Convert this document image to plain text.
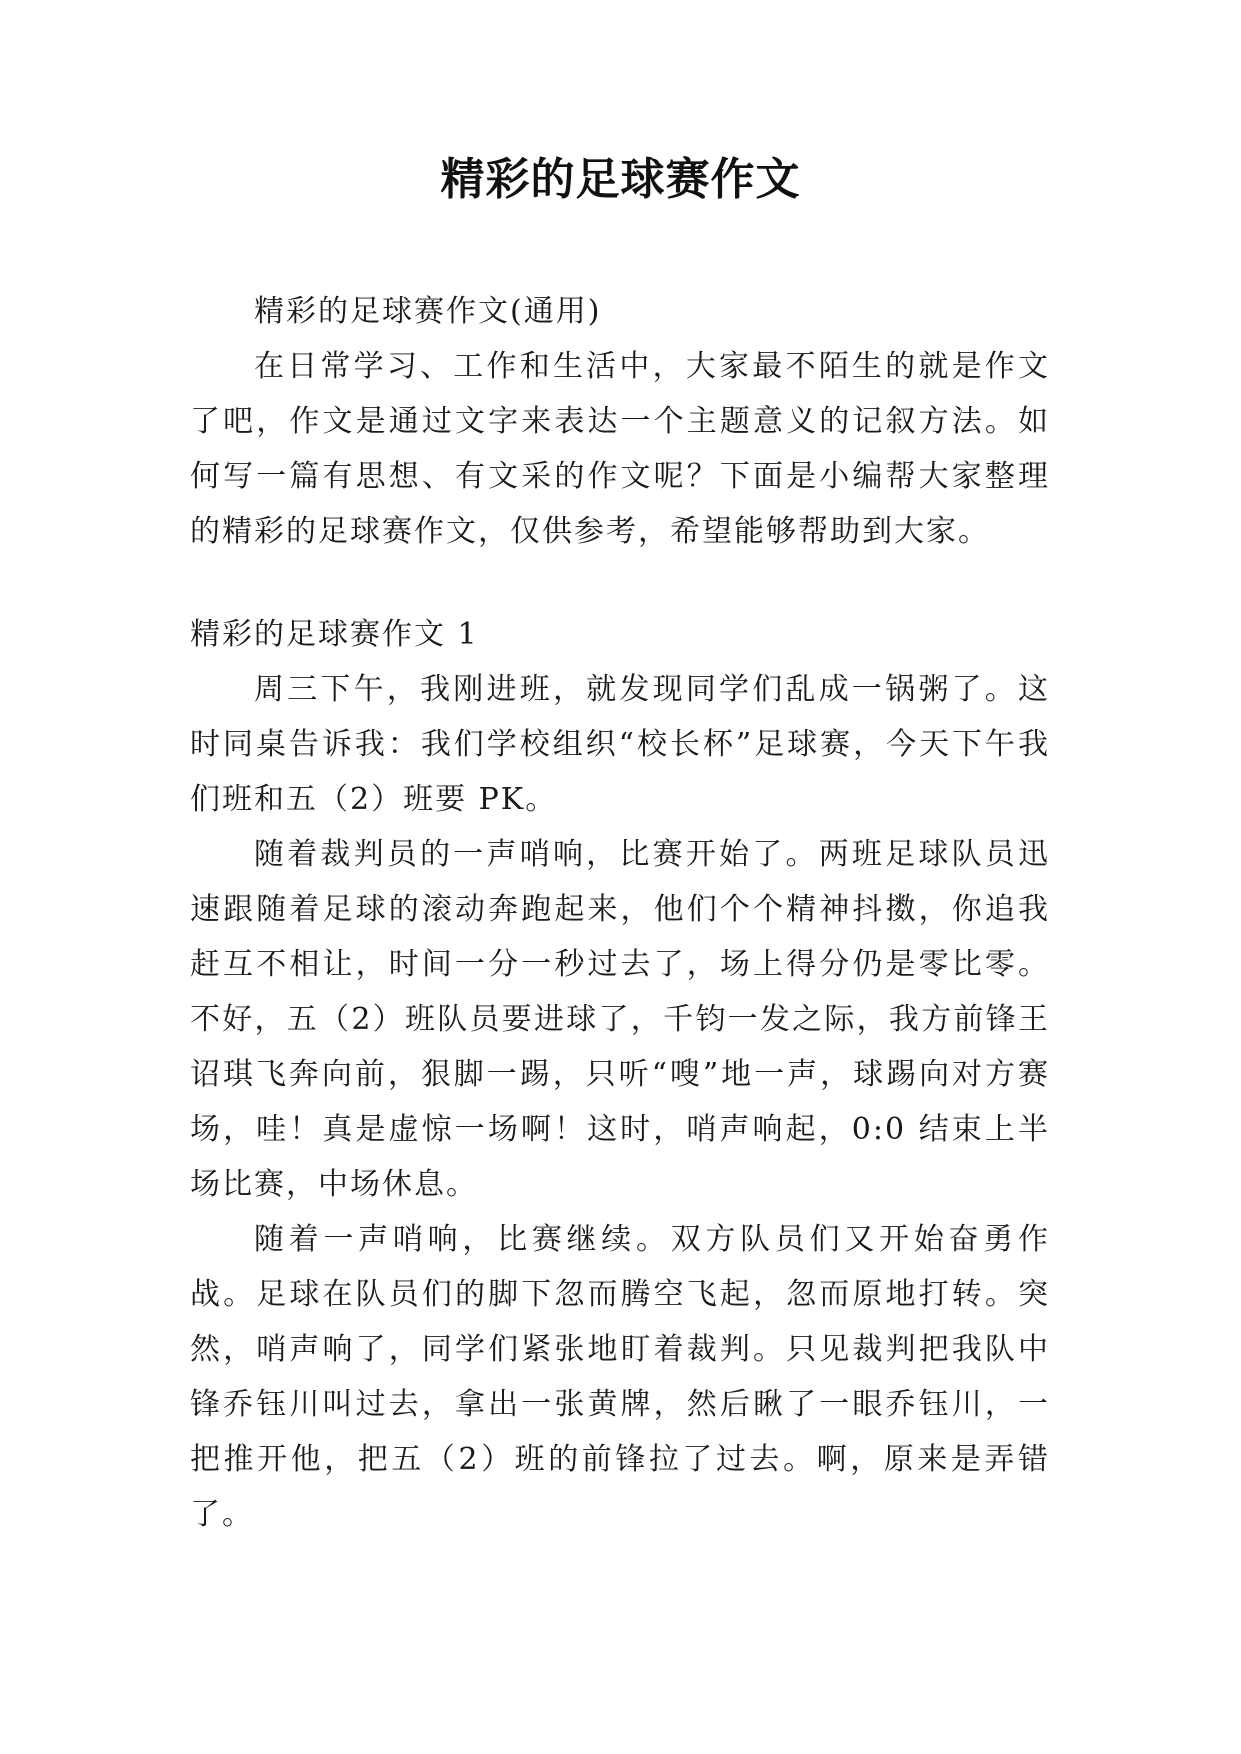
精彩的足球赛作文

精彩的足球赛作文(通用)

在日常学习、工作和生活中，大家最不陌生的就是作文了吧，作文是通过文字来表达一个主题意义的记叙方法。如何写一篇有思想、有文采的作文呢？下面是小编帮大家整理的精彩的足球赛作文，仅供参考，希望能够帮助到大家。

精彩的足球赛作文 1

周三下午，我刚进班，就发现同学们乱成一锅粥了。这时同桌告诉我：我们学校组织“校长杯”足球赛，今天下午我们班和五（2）班要 PK。

随着裁判员的一声哨响，比赛开始了。两班足球队员迅速跟随着足球的滚动奔跑起来，他们个个精神抖擞，你追我赶互不相让，时间一分一秒过去了，场上得分仍是零比零。不好，五（2）班队员要进球了，千钧一发之际，我方前锋王诏琪飞奔向前，狠脚一踢，只听“嗖”地一声，球踢向对方赛场，哇！真是虚惊一场啊！这时，哨声响起，0:0 结束上半场比赛，中场休息。

随着一声哨响，比赛继续。双方队员们又开始奋勇作战。足球在队员们的脚下忽而腾空飞起，忽而原地打转。突然，哨声响了，同学们紧张地盯着裁判。只见裁判把我队中锋乔钰川叫过去，拿出一张黄牌，然后瞅了一眼乔钰川，一把推开他，把五（2）班的前锋拉了过去。啊，原来是弄错了。
